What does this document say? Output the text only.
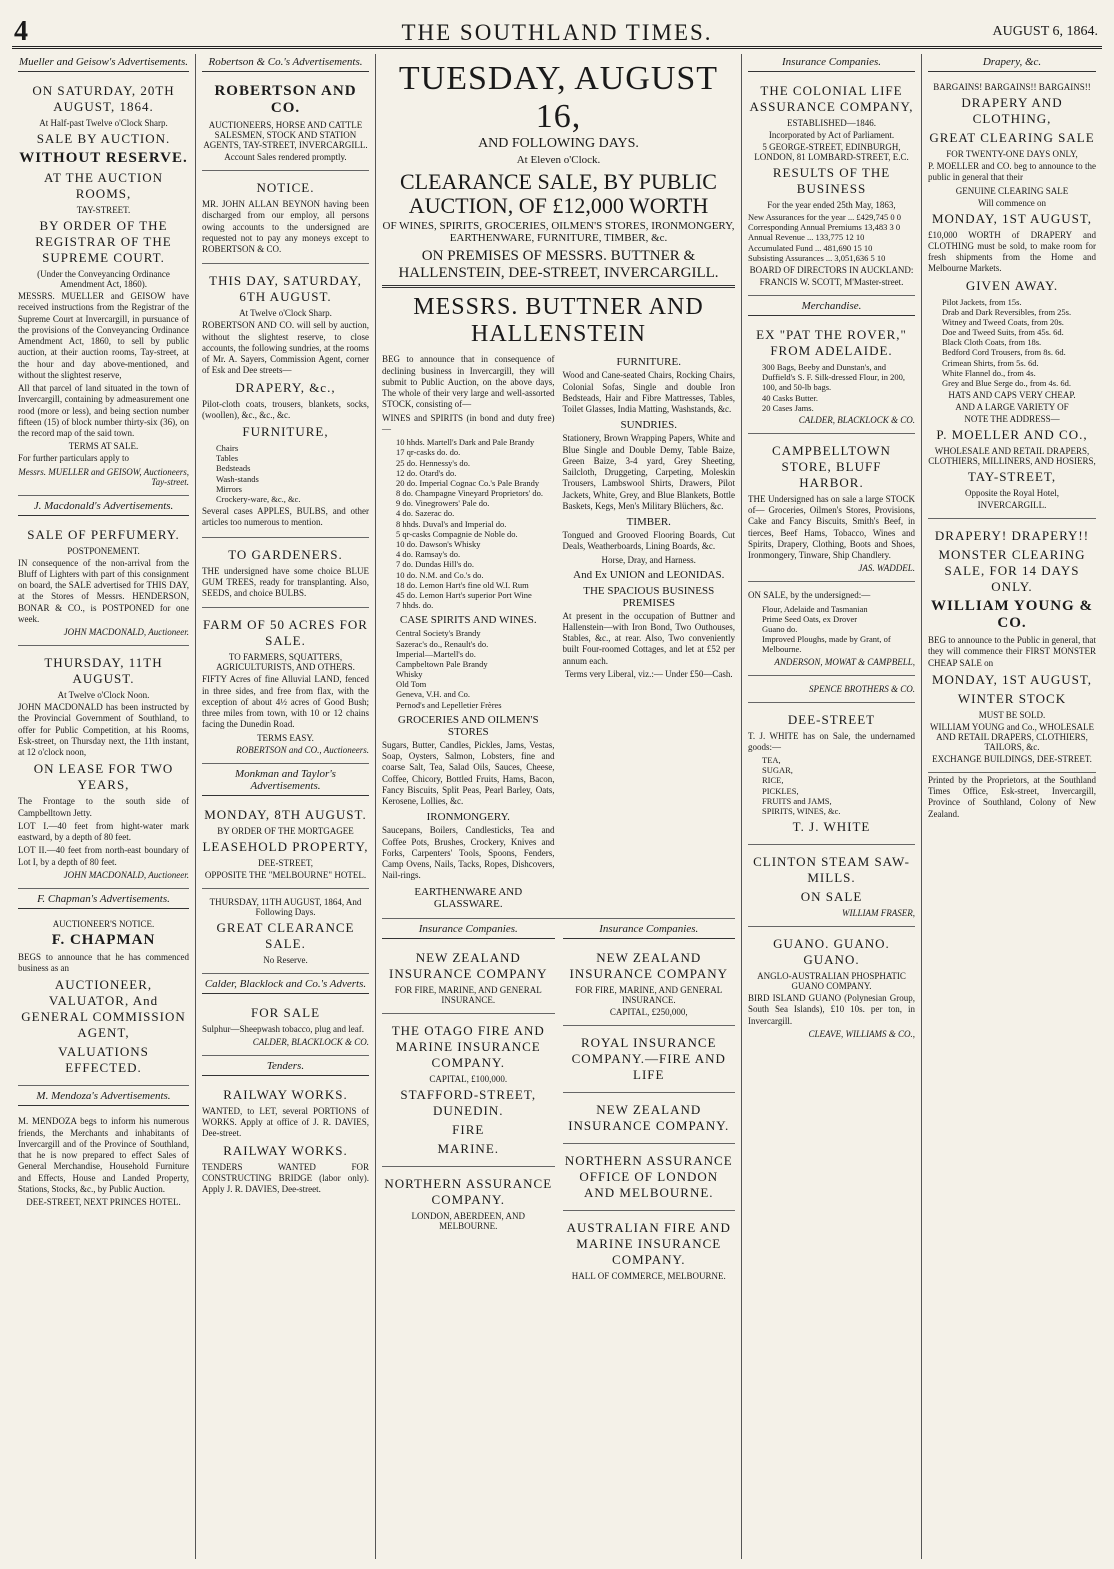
4	THE SOUTHLAND TIMES.	AUGUST 6, 1864.
Mueller and Geisow's Advertisements.
ON SATURDAY, 20TH AUGUST, 1864.
At Half-past Twelve o'Clock Sharp.
SALE BY AUCTION.
WITHOUT RESERVE.
AT THE AUCTION ROOMS,
TAY-STREET.
BY ORDER OF THE REGISTRAR OF THE SUPREME COURT.
(Under the Conveyancing Ordinance Amendment Act, 1860).
MESSRS. MUELLER and GEISOW have received instructions from the Registrar of the Supreme Court at Invercargill, in pursuance of the provisions of the Conveyancing Ordinance Amendment Act, 1860, to sell by public auction, at their auction rooms, Tay-street, at the hour and day above-mentioned, and without the slightest reserve,
All that parcel of land situated in the town of Invercargill, containing by admeasurement one rood (more or less), and being section number fifteen (15) of block number thirty-six (36), on the record map of the said town.
TERMS AT SALE.
For further particulars apply to
Messrs. MUELLER and GEISOW, Auctioneers, Tay-street.
J. Macdonald's Advertisements.
SALE OF PERFUMERY.
POSTPONEMENT.
IN consequence of the non-arrival from the Bluff of Lighters with part of this consignment on board, the SALE advertised for THIS DAY, at the Stores of Messrs. HENDERSON, BONAR & CO., is POSTPONED for one week.
JOHN MACDONALD, Auctioneer.
THURSDAY, 11TH AUGUST.
At Twelve o'Clock Noon.
JOHN MACDONALD has been instructed by the Provincial Government of Southland, to offer for Public Competition, at his Rooms, Esk-street, on Thursday next, the 11th instant, at 12 o'clock noon,
ON LEASE FOR TWO YEARS,
The Frontage to the south side of Campbelltown Jetty.
LOT I.—40 feet from hight-water mark eastward, by a depth of 80 feet.
LOT II.—40 feet from north-east boundary of Lot I, by a depth of 80 feet.
JOHN MACDONALD, Auctioneer.
F. Chapman's Advertisements.
AUCTIONEER'S NOTICE.
F. CHAPMAN
BEGS to announce that he has commenced business as an
AUCTIONEER, VALUATOR, And GENERAL COMMISSION AGENT,
VALUATIONS EFFECTED.
M. Mendoza's Advertisements.
M. MENDOZA begs to inform his numerous friends, the Merchants and inhabitants of Invercargill and of the Province of Southland, that he is now prepared to effect Sales of General Merchandise, Household Furniture and Effects, House and Landed Property, Stations, Stocks, &c., by Public Auction.
DEE-STREET, NEXT PRINCES HOTEL.
Robertson & Co.'s Advertisements.
ROBERTSON AND CO.
AUCTIONEERS, HORSE AND CATTLE SALESMEN, STOCK AND STATION AGENTS, TAY-STREET, INVERCARGILL.
Account Sales rendered promptly.
NOTICE.
MR. JOHN ALLAN BEYNON having been discharged from our employ, all persons owing accounts to the undersigned are requested not to pay any moneys except to ROBERTSON & CO.
THIS DAY, SATURDAY, 6TH AUGUST.
At Twelve o'Clock Sharp.
ROBERTSON AND CO. will sell by auction, without the slightest reserve, to close accounts, the following sundries, at the rooms of Mr. A. Sayers, Commission Agent, corner of Esk and Dee streets—
DRAPERY, &c.,
Pilot-cloth coats, trousers, blankets, socks, (woollen), &c., &c., &c.
FURNITURE,
Chairs
Tables
Bedsteads
Wash-stands
Mirrors
Crockery-ware, &c., &c.
Several cases APPLES, BULBS, and other articles too numerous to mention.
TO GARDENERS.
THE undersigned have some choice BLUE GUM TREES, ready for transplanting. Also, SEEDS, and choice BULBS.
FARM OF 50 ACRES FOR SALE.
TO FARMERS, SQUATTERS, AGRICULTURISTS, AND OTHERS.
FIFTY Acres of fine Alluvial LAND, fenced in three sides, and free from flax, with the exception of about 4½ acres of Good Bush; three miles from town, with 10 or 12 chains facing the Dunedin Road.
TERMS EASY.
ROBERTSON and CO., Auctioneers.
Monkman and Taylor's Advertisements.
MONDAY, 8TH AUGUST.
BY ORDER OF THE MORTGAGEE
LEASEHOLD PROPERTY,
DEE-STREET,
OPPOSITE THE "MELBOURNE" HOTEL.
THURSDAY, 11TH AUGUST, 1864, And Following Days.
GREAT CLEARANCE SALE.
No Reserve.
Calder, Blacklock and Co.'s Adverts.
FOR SALE
Sulphur—Sheepwash tobacco, plug and leaf.
CALDER, BLACKLOCK & CO.
Tenders.
RAILWAY WORKS.
WANTED, to LET, several PORTIONS of WORKS. Apply at office of J. R. DAVIES, Dee-street.
RAILWAY WORKS.
TENDERS WANTED FOR CONSTRUCTING BRIDGE (labor only). Apply J. R. DAVIES, Dee-street.
TUESDAY, AUGUST 16,
AND FOLLOWING DAYS.
At Eleven o'Clock.
CLEARANCE SALE, BY PUBLIC AUCTION, OF £12,000 WORTH
OF WINES, SPIRITS, GROCERIES, OILMEN'S STORES, IRONMONGERY, EARTHENWARE, FURNITURE, TIMBER, &c.
ON PREMISES OF MESSRS. BUTTNER & HALLENSTEIN, DEE-STREET, INVERCARGILL.
MESSRS. BUTTNER AND HALLENSTEIN
BEG to announce that in consequence of declining business in Invercargill, they will submit to Public Auction, on the above days, The whole of their very large and well-assorted STOCK, consisting of—
WINES and SPIRITS (in bond and duty free)—
10 hhds. Martell's Dark and Pale Brandy
17 qr-casks do. do.
25 do. Hennessy's do.
12 do. Otard's do.
20 do. Imperial Cognac Co.'s Pale Brandy
8 do. Champagne Vineyard Proprietors' do.
9 do. Vinegrowers' Pale do.
4 do. Sazerac do.
8 hhds. Duval's and Imperial do.
5 qr-casks Compagnie de Noble do.
10 do. Dawson's Whisky
4 do. Ramsay's do.
7 do. Dundas Hill's do.
10 do. N.M. and Co.'s do.
18 do. Lemon Hart's fine old W.I. Rum
45 do. Lemon Hart's superior Port Wine
7 hhds. do.
CASE SPIRITS AND WINES.
Central Society's Brandy
Sazerac's do., Renault's do.
Imperial—Martell's do.
Campbeltown Pale Brandy
Whisky
Old Tom
Geneva, V.H. and Co.
Pernod's and Lepelletier Frères
GROCERIES AND OILMEN'S STORES
Sugars, Butter, Candles, Pickles, Jams, Vestas, Soap, Oysters, Salmon, Lobsters, fine and coarse Salt, Tea, Salad Oils, Sauces, Cheese, Coffee, Chicory, Bottled Fruits, Hams, Bacon, Fancy Biscuits, Split Peas, Pearl Barley, Oats, Kerosene, Lollies, &c.
IRONMONGERY.
Saucepans, Boilers, Candlesticks, Tea and Coffee Pots, Brushes, Crockery, Knives and Forks, Carpenters' Tools, Spoons, Fenders, Camp Ovens, Nails, Tacks, Ropes, Dishcovers, Nail-rings.
EARTHENWARE AND GLASSWARE.
FURNITURE.
Wood and Cane-seated Chairs, Rocking Chairs, Colonial Sofas, Single and double Iron Bedsteads, Hair and Fibre Mattresses, Tables, Toilet Glasses, India Matting, Washstands, &c.
SUNDRIES.
Stationery, Brown Wrapping Papers, White and Blue Single and Double Demy, Table Baize, Green Baize, 3-4 yard, Grey Sheeting, Sailcloth, Druggeting, Carpeting, Moleskin Trousers, Lambswool Shirts, Drawers, Pilot Jackets, White, Grey, and Blue Blankets, Bottle Baskets, Kegs, Men's Military Blüchers, &c.
TIMBER.
Tongued and Grooved Flooring Boards, Cut Deals, Weatherboards, Lining Boards, &c.
Horse, Dray, and Harness.
And Ex UNION and LEONIDAS.
THE SPACIOUS BUSINESS PREMISES
At present in the occupation of Buttner and Hallenstein—with Iron Bond, Two Outhouses, Stables, &c., at rear. Also, Two conveniently built Four-roomed Cottages, and let at £52 per annum each.
Terms very Liberal, viz.:— Under £50—Cash.
Insurance Companies.
NEW ZEALAND INSURANCE COMPANY
FOR FIRE, MARINE, AND GENERAL INSURANCE.
THE OTAGO FIRE AND MARINE INSURANCE COMPANY.
CAPITAL, £100,000.
STAFFORD-STREET, DUNEDIN.
FIRE
MARINE.
NORTHERN ASSURANCE COMPANY.
LONDON, ABERDEEN, AND MELBOURNE.
Insurance Companies.
NEW ZEALAND INSURANCE COMPANY
FOR FIRE, MARINE, AND GENERAL INSURANCE.
CAPITAL, £250,000,
ROYAL INSURANCE COMPANY.—FIRE AND LIFE
NEW ZEALAND INSURANCE COMPANY.
NORTHERN ASSURANCE OFFICE OF LONDON AND MELBOURNE.
AUSTRALIAN FIRE AND MARINE INSURANCE COMPANY.
HALL OF COMMERCE, MELBOURNE.
Insurance Companies.
THE COLONIAL LIFE ASSURANCE COMPANY,
ESTABLISHED—1846.
Incorporated by Act of Parliament.
5 GEORGE-STREET, EDINBURGH, LONDON, 81 LOMBARD-STREET, E.C.
RESULTS OF THE BUSINESS
For the year ended 25th May, 1863,
New Assurances for the year ... £429,745 0 0
Corresponding Annual Premiums 13,483 3 0
Annual Revenue ... 133,775 12 10
Accumulated Fund ... 481,690 15 10
Subsisting Assurances ... 3,051,636 5 10
BOARD OF DIRECTORS IN AUCKLAND:
FRANCIS W. SCOTT, M'Master-street.
Merchandise.
EX "PAT THE ROVER," FROM ADELAIDE.
300 Bags, Beeby and Dunstan's, and Duffield's S. F. Silk-dressed Flour, in 200, 100, and 50-lb bags.
40 Casks Butter.
20 Cases Jams.
CALDER, BLACKLOCK & CO.
CAMPBELLTOWN STORE, BLUFF HARBOR.
THE Undersigned has on sale a large STOCK of— Groceries, Oilmen's Stores, Provisions, Cake and Fancy Biscuits, Smith's Beef, in tierces, Beef Hams, Tobacco, Wines and Spirits, Drapery, Clothing, Boots and Shoes, Ironmongery, Tinware, Ship Chandlery.
JAS. WADDEL.
ON SALE, by the undersigned:—
Flour, Adelaide and Tasmanian
Prime Seed Oats, ex Drover
Guano do.
Improved Ploughs, made by Grant, of Melbourne.
ANDERSON, MOWAT & CAMPBELL,
SPENCE BROTHERS & CO.
DEE-STREET
T. J. WHITE has on Sale, the undernamed goods:—
TEA,
SUGAR,
RICE,
PICKLES,
FRUITS and JAMS,
SPIRITS, WINES, &c.
T. J. WHITE
CLINTON STEAM SAW-MILLS.
ON SALE
WILLIAM FRASER,
GUANO. GUANO. GUANO.
ANGLO-AUSTRALIAN PHOSPHATIC GUANO COMPANY.
BIRD ISLAND GUANO (Polynesian Group, South Sea Islands), £10 10s. per ton, in Invercargill.
CLEAVE, WILLIAMS & CO.,
Drapery, &c.
BARGAINS! BARGAINS!! BARGAINS!!
DRAPERY AND CLOTHING,
GREAT CLEARING SALE
FOR TWENTY-ONE DAYS ONLY,
P. MOELLER and CO. beg to announce to the public in general that their
GENUINE CLEARING SALE
Will commence on
MONDAY, 1ST AUGUST,
£10,000 WORTH of DRAPERY and CLOTHING must be sold, to make room for fresh shipments from the Home and Melbourne Markets.
GIVEN AWAY.
Pilot Jackets, from 15s.
Drab and Dark Reversibles, from 25s.
Witney and Tweed Coats, from 20s.
Doe and Tweed Suits, from 45s. 6d.
Black Cloth Coats, from 18s.
Bedford Cord Trousers, from 8s. 6d.
Crimean Shirts, from 5s. 6d.
White Flannel do., from 4s.
Grey and Blue Serge do., from 4s. 6d.
HATS AND CAPS VERY CHEAP.
AND A LARGE VARIETY OF
NOTE THE ADDRESS—
P. MOELLER AND CO.,
WHOLESALE AND RETAIL DRAPERS, CLOTHIERS, MILLINERS, AND HOSIERS,
TAY-STREET,
Opposite the Royal Hotel,
INVERCARGILL.
DRAPERY! DRAPERY!!
MONSTER CLEARING SALE, FOR 14 DAYS ONLY.
WILLIAM YOUNG & CO.
BEG to announce to the Public in general, that they will commence their FIRST MONSTER CHEAP SALE on
MONDAY, 1ST AUGUST,
WINTER STOCK
MUST BE SOLD.
WILLIAM YOUNG and Co., WHOLESALE AND RETAIL DRAPERS, CLOTHIERS, TAILORS, &c.
EXCHANGE BUILDINGS, DEE-STREET.
Printed by the Proprietors, at the Southland Times Office, Esk-street, Invercargill, Province of Southland, Colony of New Zealand.
